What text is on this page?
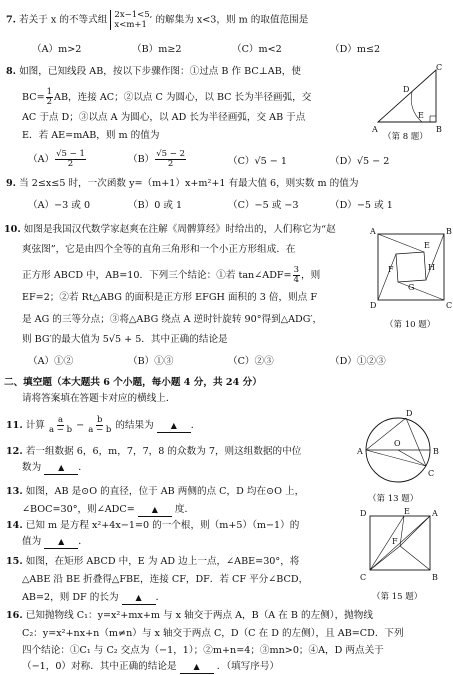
7. 若关于 x 的不等式组 2x−1<5,
x<m+1 的解集为 x<3，则 m 的取值范围是
（A）m>2	（B）m≥2	（C）m<2	（D）m≤2
8. 如图，已知线段 AB，按以下步骤作图：①过点 B 作 BC⊥AB，使
$BC= \frac{1}{2}$ AB，连接 AC；②以点 C 为圆心，以 BC 长为半径画弧，交
AC 于点 D；③以点 A 为圆心，以 AD 长为半径画弧，交 AB 于点
E．若 AE=mAB，则 m 的值为
$(A) \frac{√5 - 1}{2}$	$(B) \frac{√5 - 2}{2}$	（C）√5 − 1	（D）√5 − 2
A	B
C
D
E
（第 8 题）
9. 当 2≤x≤5 时，一次函数 y=（m+1）x+m²+1 有最大值 6，则实数 m 的值为
（A）−3 或 0	（B）0 或 1	（C）−5 或 −3	（D）−5 或 1
10. 如图是我国汉代数学家赵爽在注解《周髀算经》时给出的，人们称它为“赵
爽弦图”，它是由四个全等的直角三角形和一个小正方形组成．在
正方形 ABCD 中，AB=10．下列三个结论：①若 tan∠ADF= $\frac{3}{4}$ ，则
EF=2；②若 Rt△ABG 的面积是正方形 EFGH 面积的 3 倍，则点 F
是 AG 的三等分点；③将△ABG 绕点 A 逆时针旋转 90°得到△ADG′，
则 BG′的最大值为 5√5 + 5．其中正确的结论是
（A）①②	（B）①③	（C）②③	（D）①②③
A	B
C
D
E
F
G
H
（第 10 题）
二、填空题（本大题共 6 个小题，每小题 4 分，共 24 分）
请将答案填在答题卡对应的横线上．
11. 计算 $\frac{a}{a - b} - \frac{b}{a - b}$ 的结果为 ▲ ．
12. 若一组数据 6，6，m，7，7，8 的众数为 7，则这组数据的中位
数为 ▲ ．
13. 如图，AB 是⊙O 的直径，位于 AB 两侧的点 C，D 均在⊙O 上，
∠BOC=30°，则∠ADC= ▲ 度．
A	B
C
D
O
（第 13 题）
14. 已知 m 是方程 x²+4x−1=0 的一个根，则（m+5）（m−1）的
值为 ▲ ．
15. 如图，在矩形 ABCD 中，E 为 AD 边上一点，∠ABE=30°，将
△ABE 沿 BE 折叠得△FBE，连接 CF，DF．若 CF 平分∠BCD，
AB=2，则 DF 的长为 ▲ ．
D	A
C	B
E
F
（第 15 题）
16. 已知抛物线 C₁：y=x²+mx+m 与 x 轴交于两点 A，B（A 在 B 的左侧），抛物线
C₂：y=x²+nx+n（m≠n）与 x 轴交于两点 C，D（C 在 D 的左侧），且 AB=CD．下列
四个结论：①C₁ 与 C₂ 交点为（−1，1）；②m+n=4；③mn>0；④A，D 两点关于
（−1，0）对称．其中正确的结论是 ▲ ．（填写序号）
